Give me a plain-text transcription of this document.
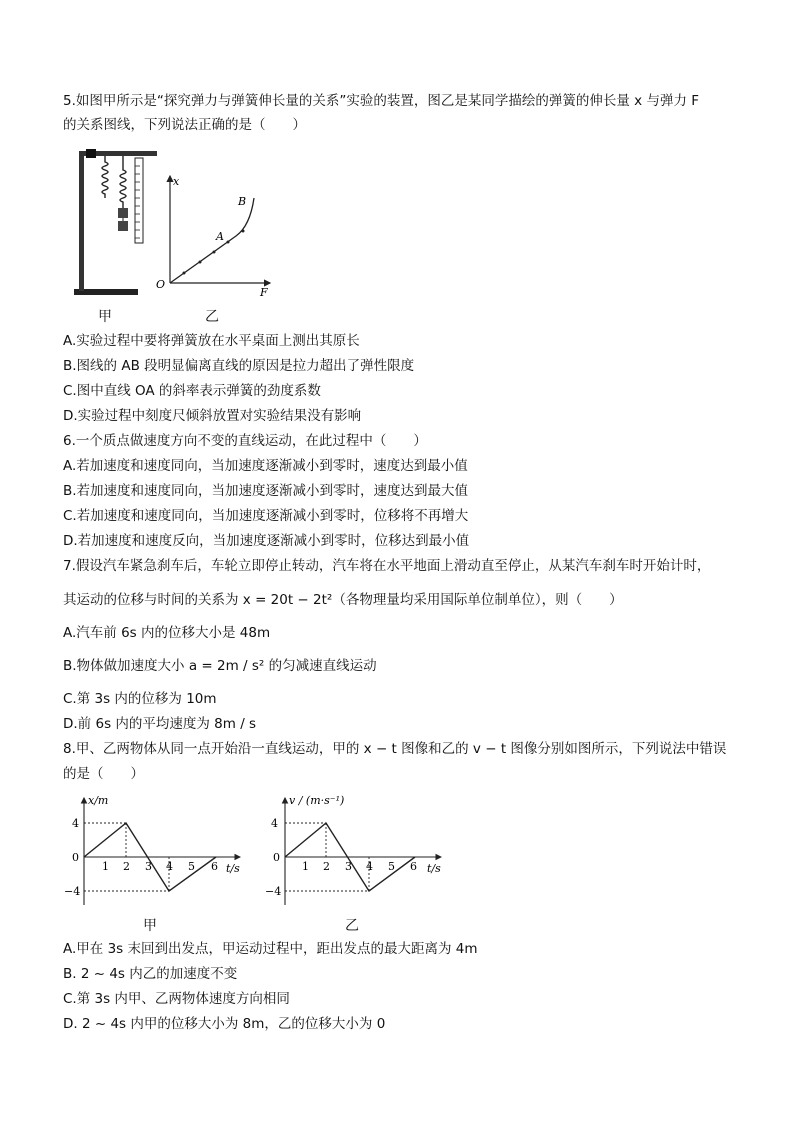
5.如图甲所示是“探究弹力与弹簧伸长量的关系”实验的装置，图乙是某同学描绘的弹簧的伸长量 x 与弹力 F
的关系图线，下列说法正确的是（　　）
x
F
O
A
B
甲	乙
A.实验过程中要将弹簧放在水平桌面上测出其原长
B.图线的 AB 段明显偏离直线的原因是拉力超出了弹性限度
C.图中直线 OA 的斜率表示弹簧的劲度系数
D.实验过程中刻度尺倾斜放置对实验结果没有影响
6.一个质点做速度方向不变的直线运动，在此过程中（　　）
A.若加速度和速度同向，当加速度逐渐减小到零时，速度达到最小值
B.若加速度和速度同向，当加速度逐渐减小到零时，速度达到最大值
C.若加速度和速度同向，当加速度逐渐减小到零时，位移将不再增大
D.若加速度和速度反向，当加速度逐渐减小到零时，位移达到最小值
7.假设汽车紧急刹车后，车轮立即停止转动，汽车将在水平地面上滑动直至停止，从某汽车刹车时开始计时，
其运动的位移与时间的关系为 x = 20t − 2t²（各物理量均采用国际单位制单位），则（　　）
A.汽车前 6s 内的位移大小是 48m
B.物体做加速度大小 a = 2m / s² 的匀减速直线运动
C.第 3s 内的位移为 10m
D.前 6s 内的平均速度为 8m / s
8.甲、乙两物体从同一点开始沿一直线运动，甲的 x − t 图像和乙的 v − t 图像分别如图所示，下列说法中错误
的是（　　）
x/m
t/s
4
0
−4
1 2 3 4 5 6
v / (m·s⁻¹)
t/s
4
0
−4
1 2 3 4 5 6
甲	乙
A.甲在 3s 末回到出发点，甲运动过程中，距出发点的最大距离为 4m
B. 2 ~ 4s 内乙的加速度不变
C.第 3s 内甲、乙两物体速度方向相同
D. 2 ~ 4s 内甲的位移大小为 8m，乙的位移大小为 0
